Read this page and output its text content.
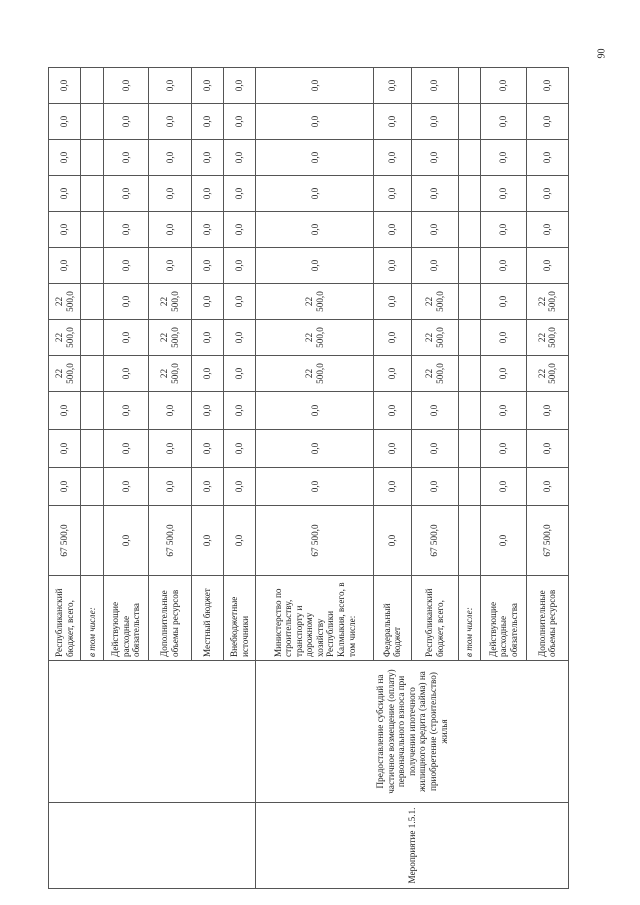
90
		Республиканский бюджет, всего,	67 500,0	0,0	0,0	0,0	22 500,0	22 500,0	22 500,0	0,0	0,0	0,0	0,0	0,0	0,0
		в том числе:													
		Действующие расходные обязательства	0,0	0,0	0,0	0,0	0,0	0,0	0,0	0,0	0,0	0,0	0,0	0,0	0,0
		Дополнительные объемы ресурсов	67 500,0	0,0	0,0	0,0	22 500,0	22 500,0	22 500,0	0,0	0,0	0,0	0,0	0,0	0,0
		Местный бюджет	0,0	0,0	0,0	0,0	0,0	0,0	0,0	0,0	0,0	0,0	0,0	0,0	0,0
		Внебюджетные источники	0,0	0,0	0,0	0,0	0,0	0,0	0,0	0,0	0,0	0,0	0,0	0,0	0,0
Мероприятие 1.5.1.	Предоставление субсидий на частичное возмещение (оплату) первоначального взноса при получении ипотечного жилищного кредита (займа) на приобретение (строительство) жилья	Министерство по строительству, транспорту и дорожному хозяйству Республики Калмыкия, всего, в том числе:	67 500,0	0,0	0,0	0,0	22 500,0	22 500,0	22 500,0	0,0	0,0	0,0	0,0	0,0	0,0
		Федеральный бюджет	0,0	0,0	0,0	0,0	0,0	0,0	0,0	0,0	0,0	0,0	0,0	0,0	0,0
		Республиканский бюджет, всего,	67 500,0	0,0	0,0	0,0	22 500,0	22 500,0	22 500,0	0,0	0,0	0,0	0,0	0,0	0,0
		в том числе:													
		Действующие расходные обязательства	0,0	0,0	0,0	0,0	0,0	0,0	0,0	0,0	0,0	0,0	0,0	0,0	0,0
		Дополнительные объемы ресурсов	67 500,0	0,0	0,0	0,0	22 500,0	22 500,0	22 500,0	0,0	0,0	0,0	0,0	0,0	0,0
